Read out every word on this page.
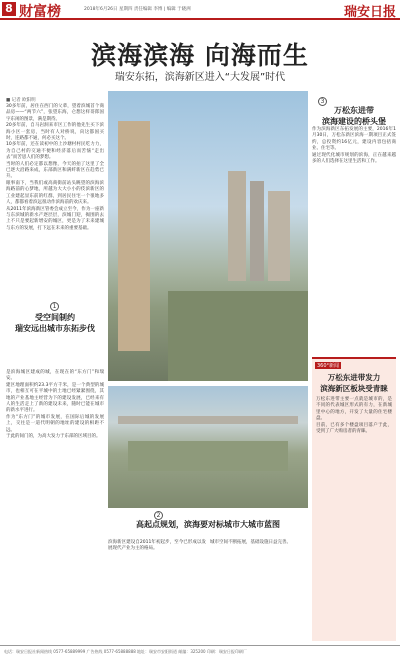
8 财富榜	2018年6月26日 星期四 责任编辑 李博 | 编辑 于晓洲	瑞安日报
滨海滨海 向海而生
瑞安东拓，滨海新区进入“大发展”时代
■ 记者 欧阳明

30多年前，居住在西门的父辈，望着滨城首个商品房——“两节六”，张望东海，仑想这样哥郎国字东闲的图景，满是期待。

20多年前，自马岩洞来市区工作的他先生买下滨海小区一套房，当时有人对桥说，向这都国买时，连路都不通，何必买这个。

10多年前，还在读初中的上沙塘村村民吃力力，为自己村的交通不便和经济落后而苦恼“走出去”而苦思人们的梦想。

当时的人们必定都以想像，今天的拍了这里了全已逐大沿路来成，东部新区和满纤新区在趋势已升。

眼事南下，当我们或高商街前站头眺望的滨海滨海路前的心梦地，所越为大大小小的伎滨新区的工业建起显东前的红群，到居民住宅一个很地多人，都都看着滨远很动作滨海前的欢庆来。

从2011年滨海新区管委会成立至今，作为一座新与东滨城的新水产逐层层，滨城门迎，揭围的去上不只是要起新增安的城区，更是为了未来建城与东方的发展，打下远在未来的重要基础。

3
万松东进带
滨海建设的桥头堡

作为滨海新区东拓发展的主要，2016年1月30日，万松东新区滨海一期项目正式签约，总投资约16亿元，建设内容包括商业、住宅等。

通过现代化城市规划的滨海，正在越来越多的人们选择在这里生活和工作。

1
受空间制约
瑞安远出城市东拓步伐

是滨海城区建成的城，在现在的“东方门”和瑞安。

建区地理面积约23.3平方千米，是一个典型的城市，也相互可在平城中的土地已经紧紧围绕，其地的产业基地主经营为下的建设发展，已经来有人的生活走上了新的建设未来，随时已能在城市的新水平进行。

作为“东方门”的城市发展，在国际后城的发展上，交往是一道代明朝的地址的建设的相距不远。

于此的间门的，为高大发力于东部的区域目的。

2
高起点规划，滨海要对标城市大城市蓝图

滨海新区建设自2011年初起步，至今已形成以发展现代产业为主的格局。

城市空间不断拓展，基础设施日益完善。

360°新闻
万松东进带发力
滨海新区板块受青睐

万松东进带主要一点就是城市的，是不同的代表城区形式的有力，在新城里中心的地方，开发了大量的住宅楼盘。

目前，已有多个楼盘项目落户于此，受到了广大购房者的青睐。

电话：瑞安日报社新闻热线 0577-65889999 广告热线 0577-65888888 地址：瑞安市安阳街道 邮编：325200 印刷：瑞安日报印刷厂
